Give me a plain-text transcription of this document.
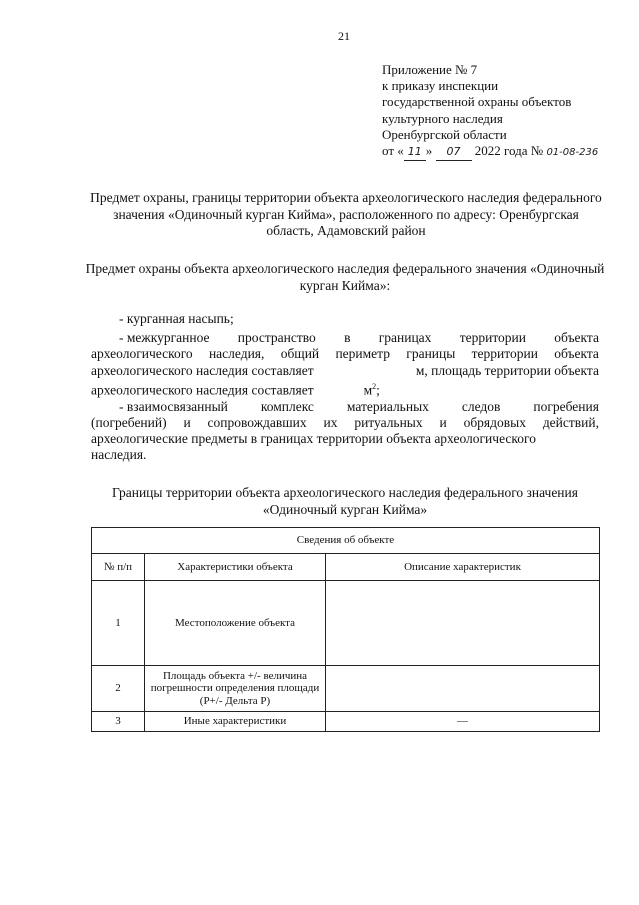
21
Приложение № 7
к приказу инспекции
государственной охраны объектов
культурного наследия
Оренбургской области
от « 11 » 07 2022 года № 01-08-236
Предмет охраны, границы территории объекта археологического наследия федерального значения «Одиночный курган Кийма», расположенного по адресу: Оренбургская область, Адамовский район
Предмет охраны объекта археологического наследия федерального значения «Одиночный курган Кийма»:
- курганная насыпь;
- межкурганное пространство в границах территории объекта
археологического наследия, общий периметр границы территории объекта
археологического наследия составляет	м, площадь территории объекта
археологического наследия составляет	$м^2$;
- взаимосвязанный комплекс материальных следов погребения
(погребений) и сопровождавших их ритуальных и обрядовых действий,
археологические предметы в границах территории объекта археологического
наследия.
Границы территории объекта археологического наследия федерального значения «Одиночный курган Кийма»
Сведения об объекте		
№ п/п	Характеристики объекта	Описание характеристик
1	Местоположение объекта	
2	Площадь объекта +/- величина погрешности определения площади (Р+/- Дельта Р)	
3	Иные характеристики	—
